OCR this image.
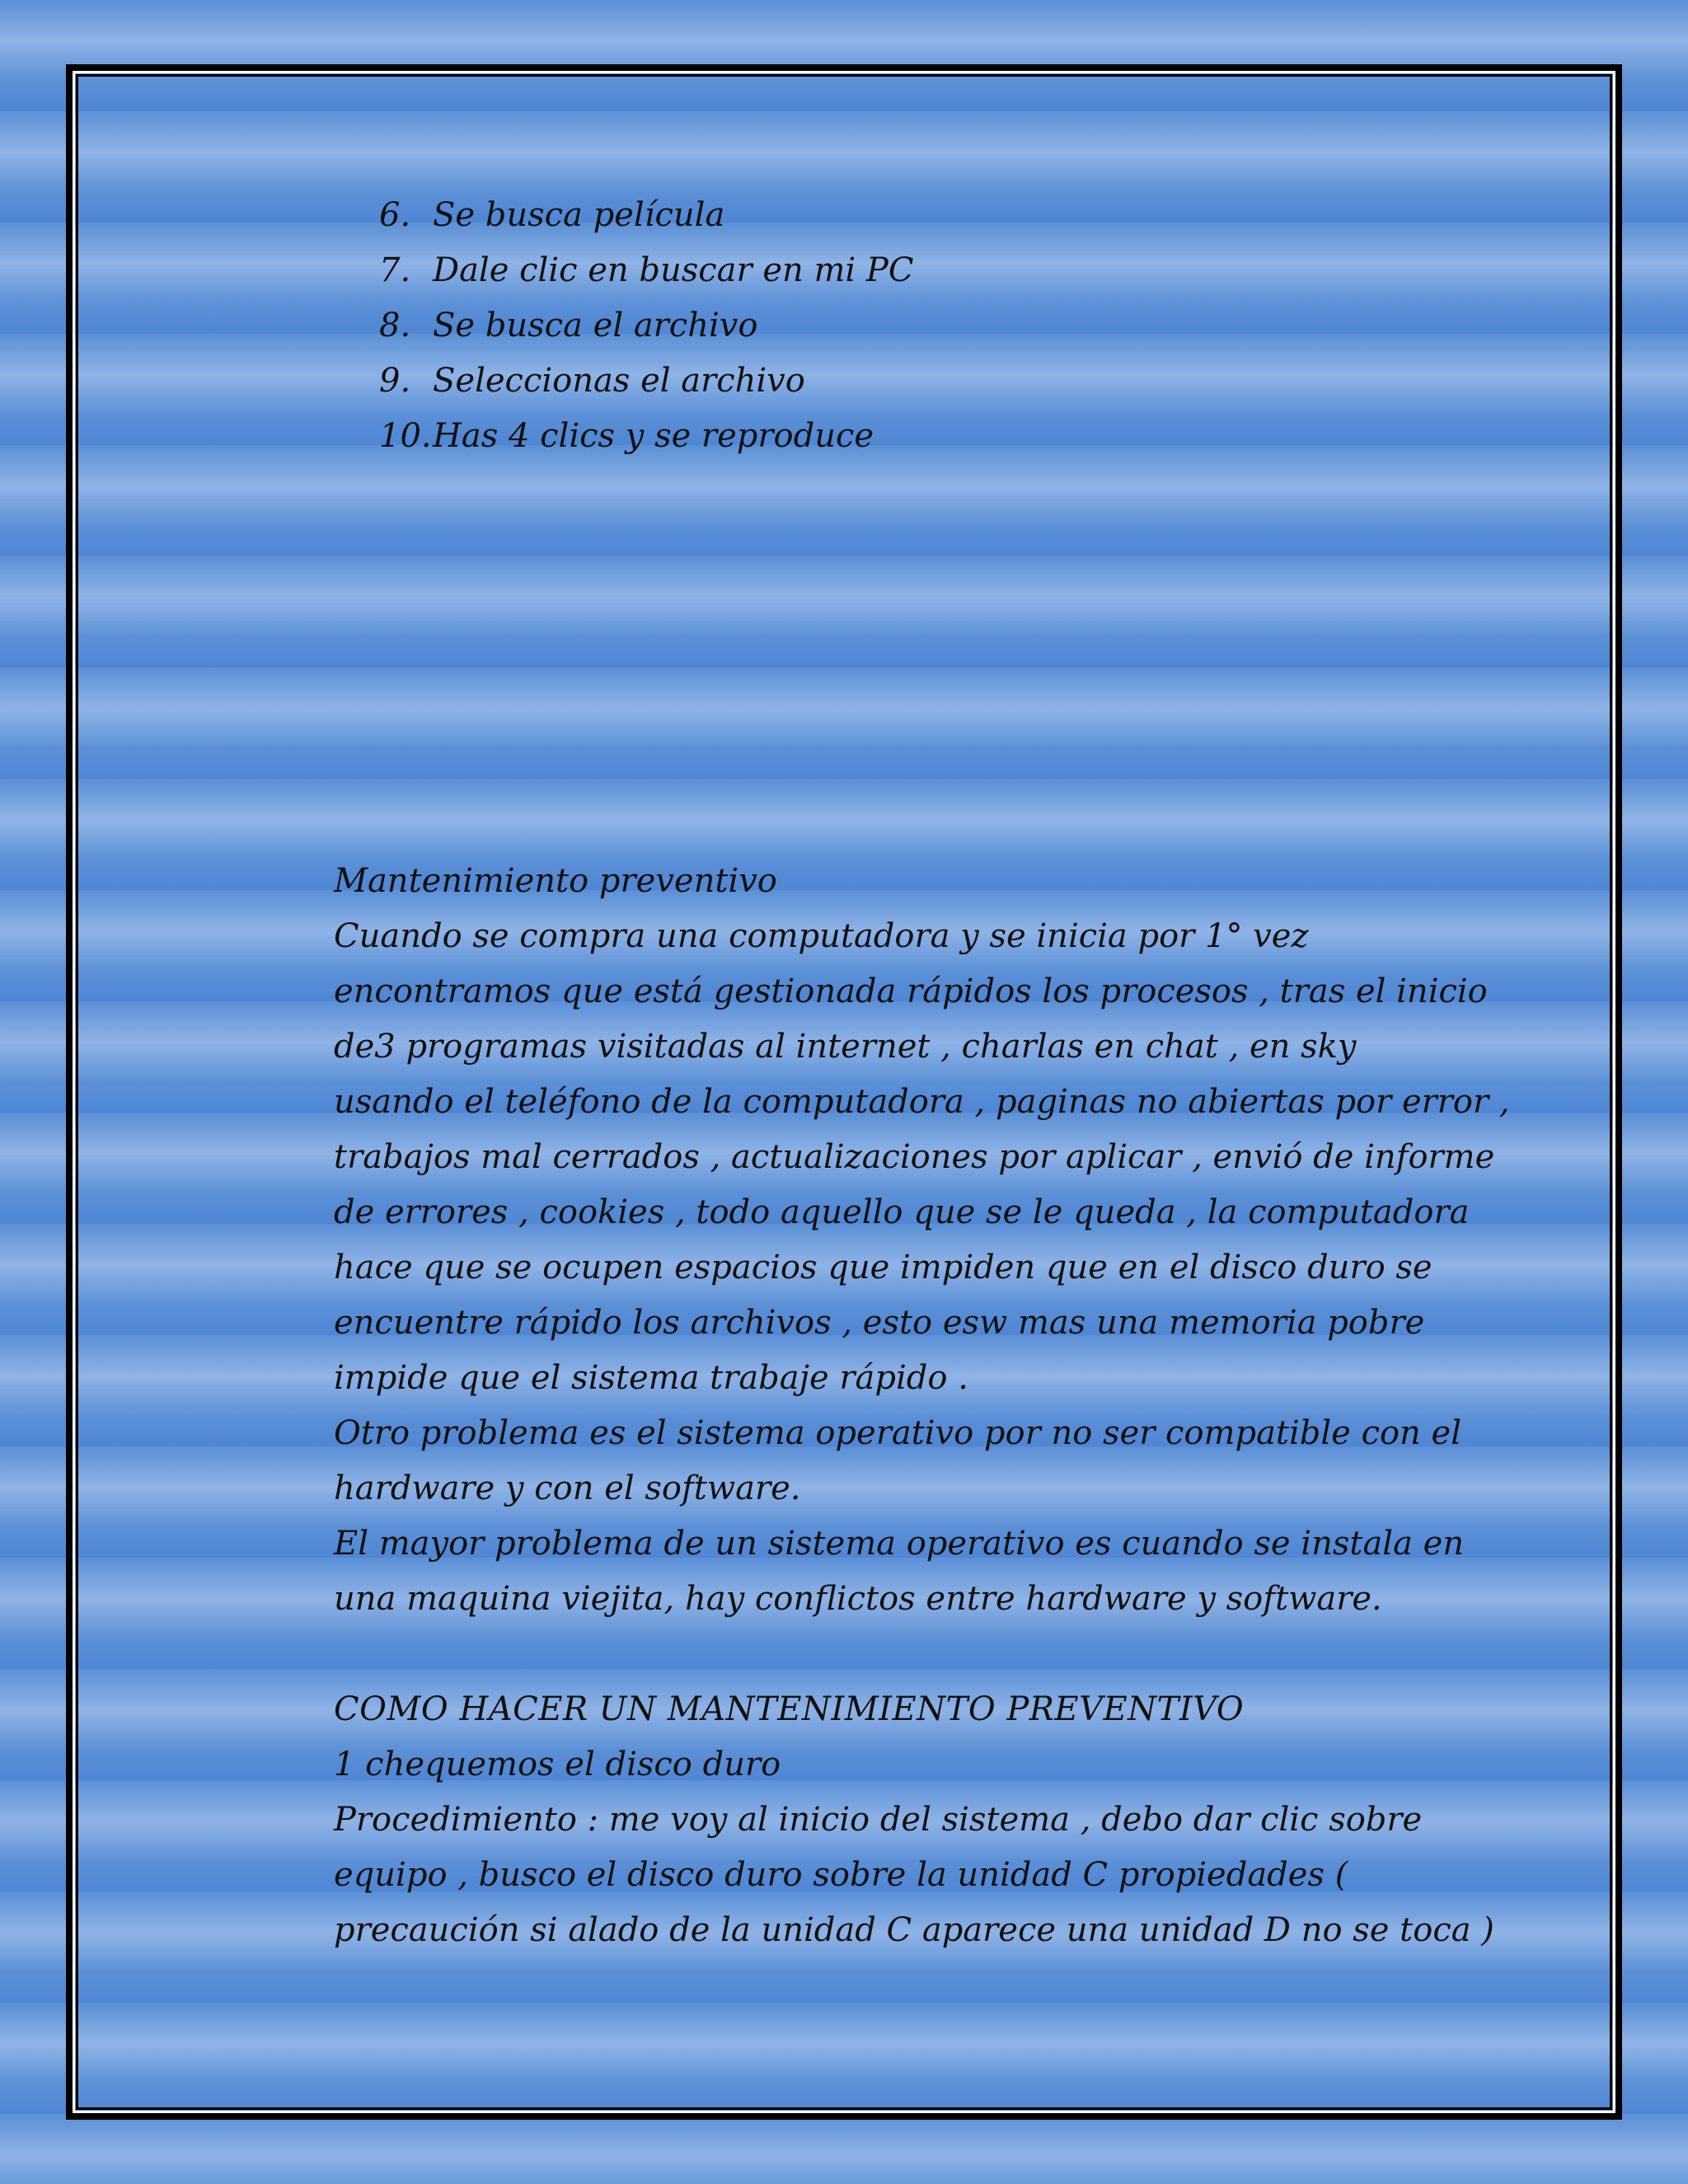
6. Se busca película
7. Dale clic en buscar en mi PC
8. Se busca el archivo
9. Seleccionas el archivo
10.Has 4 clics y se reproduce
Mantenimiento preventivo
Cuando se compra una computadora y se inicia por 1° vez
encontramos que está gestionada rápidos los procesos , tras el inicio
de3 programas visitadas al internet , charlas en chat , en sky
usando el teléfono de la computadora , paginas no abiertas por error ,
trabajos mal cerrados , actualizaciones por aplicar , envió de informe
de errores , cookies , todo aquello que se le queda , la computadora
hace que se ocupen espacios que impiden que en el disco duro se
encuentre rápido los archivos , esto esw mas una memoria pobre
impide que el sistema trabaje rápido .
Otro problema es el sistema operativo por no ser compatible con el
hardware y con el software.
El mayor problema de un sistema operativo es cuando se instala en
una maquina viejita, hay conflictos entre hardware y software.
COMO HACER UN MANTENIMIENTO PREVENTIVO
1 chequemos el disco duro
Procedimiento : me voy al inicio del sistema , debo dar clic sobre
equipo , busco el disco duro sobre la unidad C propiedades (
precaución si alado de la unidad C aparece una unidad D no se toca )
